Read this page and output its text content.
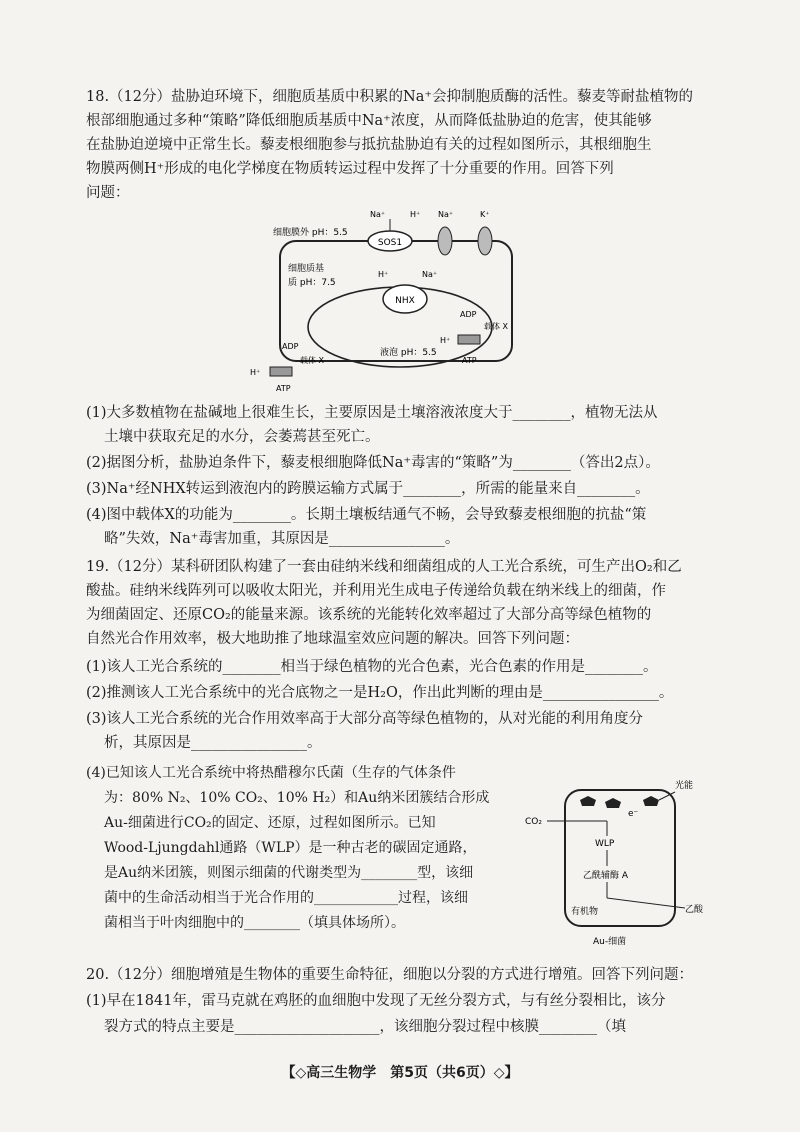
18.（12分）盐胁迫环境下，细胞质基质中积累的Na⁺会抑制胞质酶的活性。藜麦等耐盐植物的
根部细胞通过多种“策略”降低细胞质基质中Na⁺浓度，从而降低盐胁迫的危害，使其能够
在盐胁迫逆境中正常生长。藜麦根细胞参与抵抗盐胁迫有关的过程如图所示，其根细胞生
物膜两侧H⁺形成的电化学梯度在物质转运过程中发挥了十分重要的作用。回答下列
问题：
SOS1
Na⁺	H⁺ Na⁺	K⁺
细胞膜外 pH：5.5
细胞质基
质 pH：7.5
NHX
H⁺	Na⁺
液泡 pH：5.5
ADP
载体 X
H⁺
ATP
ADP
载体 X
H⁺
ATP
(1)大多数植物在盐碱地上很难生长，主要原因是土壤溶液浓度大于________，植物无法从
土壤中获取充足的水分，会萎蔫甚至死亡。
(2)据图分析，盐胁迫条件下，藜麦根细胞降低Na⁺毒害的“策略”为________（答出2点）。
(3)Na⁺经NHX转运到液泡内的跨膜运输方式属于________，所需的能量来自________。
(4)图中载体X的功能为________。长期土壤板结通气不畅，会导致藜麦根细胞的抗盐“策
略”失效，Na⁺毒害加重，其原因是________________。
19.（12分）某科研团队构建了一套由硅纳米线和细菌组成的人工光合系统，可生产出O₂和乙
酸盐。硅纳米线阵列可以吸收太阳光，并利用光生成电子传递给负载在纳米线上的细菌，作
为细菌固定、还原CO₂的能量来源。该系统的光能转化效率超过了大部分高等绿色植物的
自然光合作用效率，极大地助推了地球温室效应问题的解决。回答下列问题：
(1)该人工光合系统的________相当于绿色植物的光合色素，光合色素的作用是________。
(2)推测该人工光合系统中的光合底物之一是H₂O，作出此判断的理由是________________。
(3)该人工光合系统的光合作用效率高于大部分高等绿色植物的，从对光能的利用角度分
析，其原因是________________。
(4)已知该人工光合系统中将热醋穆尔氏菌（生存的气体条件
为：80% N₂、10% CO₂、10% H₂）和Au纳米团簇结合形成
Au-细菌进行CO₂的固定、还原，过程如图所示。已知
Wood-Ljungdahl通路（WLP）是一种古老的碳固定通路，
是Au纳米团簇，则图示细菌的代谢类型为________型，该细
菌中的生命活动相当于光合作用的____________过程，该细
菌相当于叶肉细胞中的________（填具体场所）。
光能
e⁻
CO₂
WLP
乙酰辅酶 A
有机物	乙酸
Au-细菌
20.（12分）细胞增殖是生物体的重要生命特征，细胞以分裂的方式进行增殖。回答下列问题：
(1)早在1841年，雷马克就在鸡胚的血细胞中发现了无丝分裂方式，与有丝分裂相比，该分
裂方式的特点主要是____________________，该细胞分裂过程中核膜________（填
【◇高三生物学　第5页（共6页）◇】
